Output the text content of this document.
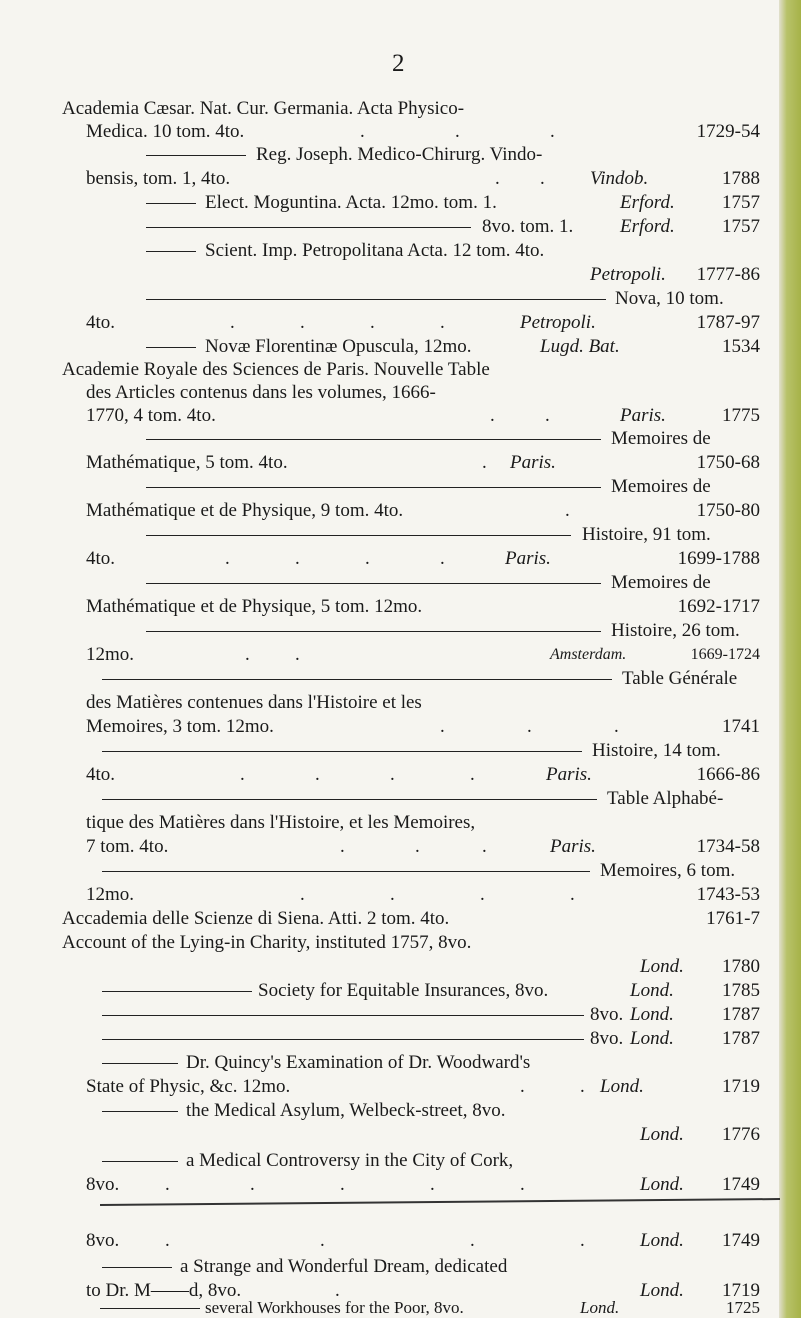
2
Academia Cæsar. Nat. Cur. Germania. Acta Physico-
Medica. 10 tom. 4to.	.	.	.	1729-54
Reg. Joseph. Medico-Chirurg. Vindo-
bensis, tom. 1, 4to.	. . Vindob.	1788
Elect. Moguntina. Acta. 12mo. tom. 1.	Erford. 1757
8vo. tom. 1. Erford. 1757
Scient. Imp. Petropolitana Acta. 12 tom. 4to.
Petropoli. 1777-86
Nova, 10 tom.
4to.	.	.	.	.	Petropoli.	1787-97
Novæ Florentinæ Opuscula, 12mo.	Lugd. Bat.	1534
Academie Royale des Sciences de Paris. Nouvelle Table
des Articles contenus dans les volumes, 1666-
1770, 4 tom. 4to.	.	.	Paris.	1775
Memoires de
Mathématique, 5 tom. 4to.	. Paris.	1750-68
Memoires de
Mathématique et de Physique, 9 tom. 4to.	.	1750-80
Histoire, 91 tom.
4to.	.	.	.	.	Paris.	1699-1788
Memoires de
Mathématique et de Physique, 5 tom. 12mo.	1692-1717
Histoire, 26 tom.
12mo.	. .	Amsterdam.	1669-1724
Table Générale
des Matières contenues dans l'Histoire et les
Memoires, 3 tom. 12mo.	.	.	.	1741
Histoire, 14 tom.
4to.	.	.	.	.	Paris.	1666-86
Table Alphabé-
tique des Matières dans l'Histoire, et les Memoires,
7 tom. 4to.	.	.	.	Paris.	1734-58
Memoires, 6 tom.
12mo.	.	.	.	.	1743-53
Accademia delle Scienze di Siena. Atti. 2 tom. 4to.	1761-7
Account of the Lying-in Charity, instituted 1757, 8vo.
Lond. 1780
Society for Equitable Insurances, 8vo.	Lond.	1785
8vo. Lond.	1787
8vo. Lond.	1787
Dr. Quincy's Examination of Dr. Woodward's
State of Physic, &c. 12mo.	.	. Lond.	1719
the Medical Asylum, Welbeck-street, 8vo.
Lond. 1776
a Medical Controversy in the City of Cork,
8vo. .	.	.	.	.	Lond. 1749
8vo. .	.	.	.	Lond. 1749
a Strange and Wonderful Dream, dedicated
to Dr. M——d, 8vo.	.	Lond. 1719
several Workhouses for the Poor, 8vo.	Lond.	1725
